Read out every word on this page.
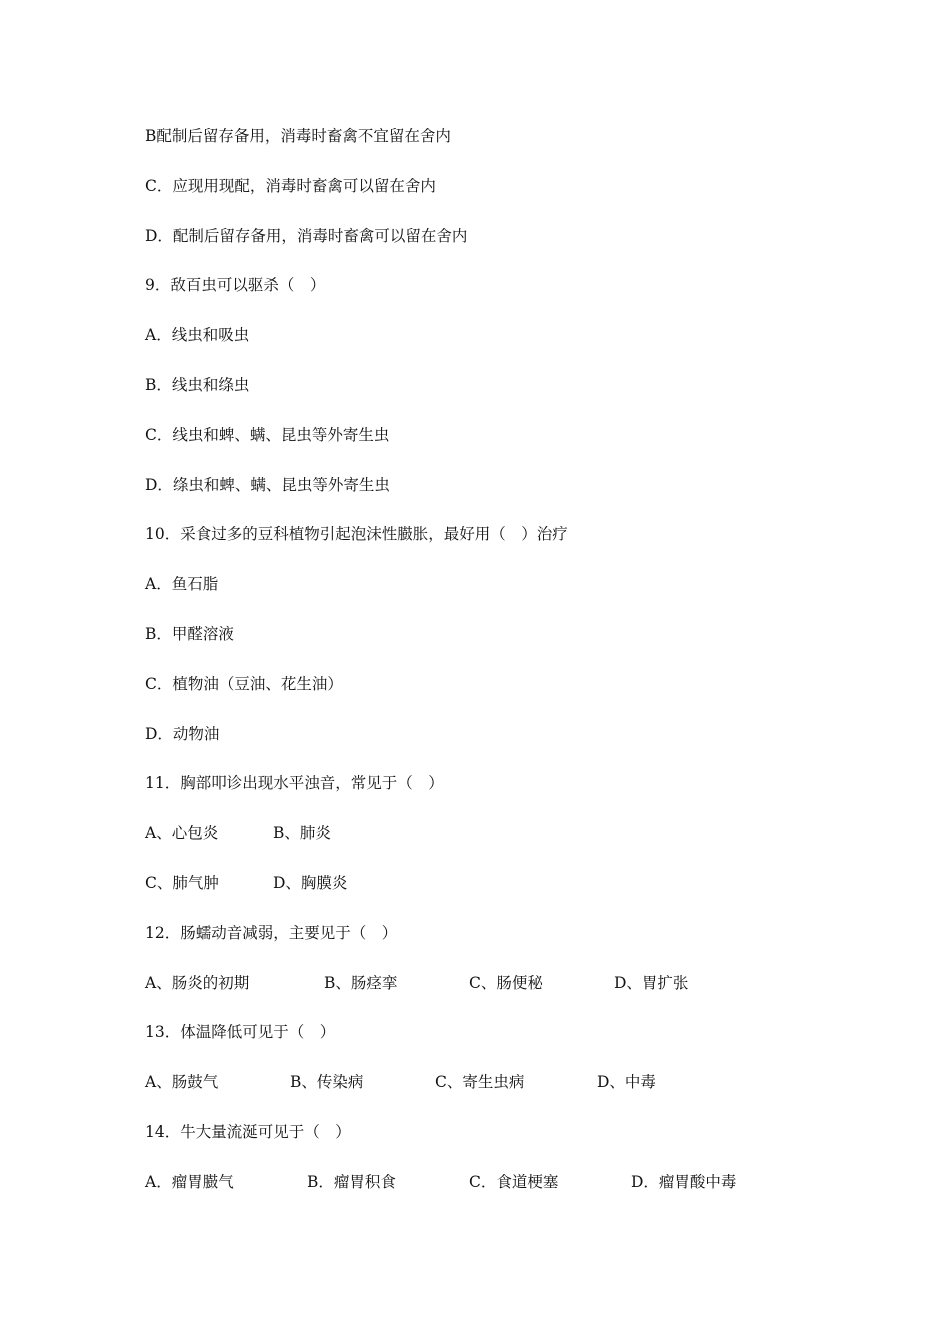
B配制后留存备用，消毒时畜禽不宜留在舍内
C．应现用现配，消毒时畜禽可以留在舍内
D．配制后留存备用，消毒时畜禽可以留在舍内
9．敌百虫可以驱杀（　）
A．线虫和吸虫
B．线虫和绦虫
C．线虫和蜱、螨、昆虫等外寄生虫
D．绦虫和蜱、螨、昆虫等外寄生虫
10．采食过多的豆科植物引起泡沫性臌胀，最好用（　）治疗
A．鱼石脂
B．甲醛溶液
C．植物油（豆油、花生油）
D．动物油
11．胸部叩诊出现水平浊音，常见于（　）
A、心包炎	B、肺炎
C、肺气肿	D、胸膜炎
12．肠蠕动音减弱，主要见于（　）
A、肠炎的初期	B、肠痉挛	C、肠便秘	D、胃扩张
13．体温降低可见于（　）
A、肠鼓气	B、传染病	C、寄生虫病	D、中毒
14．牛大量流涎可见于（　）
A．瘤胃臌气	B．瘤胃积食	C．食道梗塞	D．瘤胃酸中毒
